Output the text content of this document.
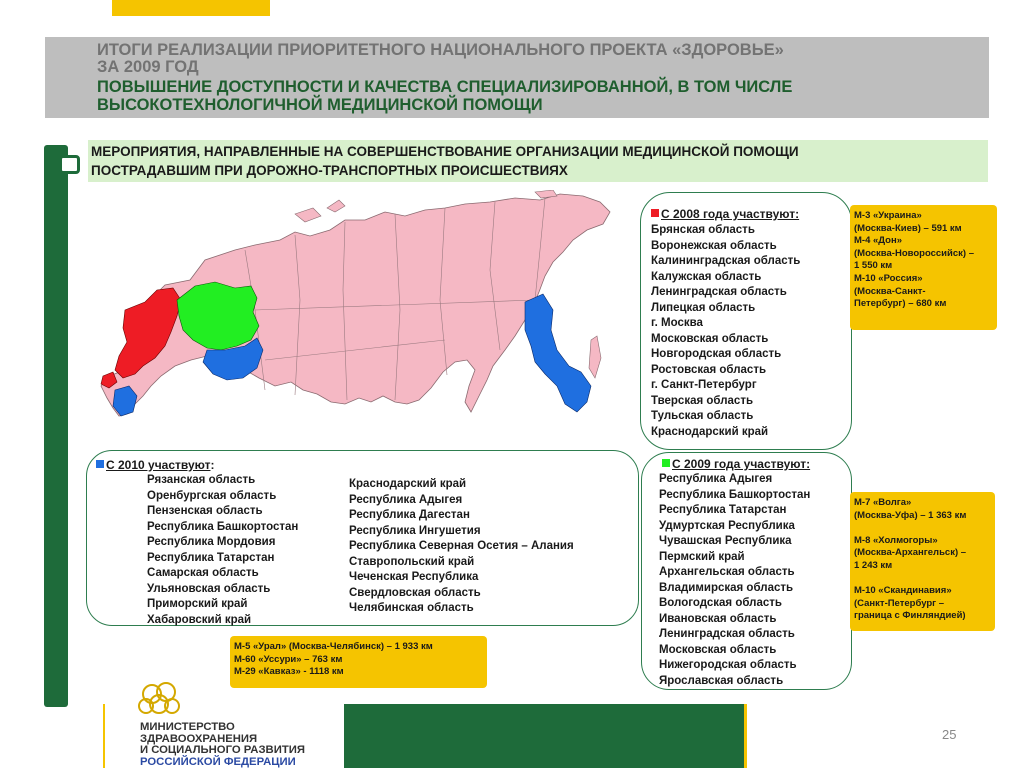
ИТОГИ РЕАЛИЗАЦИИ ПРИОРИТЕТНОГО НАЦИОНАЛЬНОГО ПРОЕКТА «ЗДОРОВЬЕ»
ЗА 2009 ГОД
ПОВЫШЕНИЕ ДОСТУПНОСТИ И КАЧЕСТВА СПЕЦИАЛИЗИРОВАННОЙ, В ТОМ ЧИСЛЕ
ВЫСОКОТЕХНОЛОГИЧНОЙ МЕДИЦИНСКОЙ ПОМОЩИ
МЕРОПРИЯТИЯ, НАПРАВЛЕННЫЕ НА СОВЕРШЕНСТВОВАНИЕ ОРГАНИЗАЦИИ МЕДИЦИНСКОЙ ПОМОЩИ
ПОСТРАДАВШИМ ПРИ ДОРОЖНО-ТРАНСПОРТНЫХ ПРОИСШЕСТВИЯХ
С 2008 года участвуют:
Брянская область
Воронежская область
Калининградская область
Калужская область
Ленинградская область
Липецкая область
г. Москва
Московская область
Новгородская область
Ростовская область
г. Санкт-Петербург
Тверская область
Тульская область
Краснодарский край
М-3 «Украина»
(Москва-Киев) – 591 км
М-4 «Дон»
(Москва-Новороссийск) –
1 550 км
М-10 «Россия»
(Москва-Санкт-
Петербург) – 680 км
С 2010 участвуют:
Рязанская область
Оренбургская область
Пензенская область
Республика Башкортостан
Республика Мордовия
Республика Татарстан
Самарская область
Ульяновская область
Приморский край
Хабаровский край
Краснодарский край
Республика Адыгея
Республика Дагестан
Республика Ингушетия
Республика Северная Осетия – Алания
Ставропольский край
Чеченская Республика
Свердловская область
Челябинская область
М-5 «Урал» (Москва-Челябинск) – 1 933 км
М-60 «Уссури» – 763 км
М-29 «Кавказ» - 1118 км
С 2009 года участвуют:
Республика Адыгея
Республика Башкортостан
Республика Татарстан
Удмуртская Республика
Чувашская Республика
Пермский край
Архангельская область
Владимирская область
Вологодская область
Ивановская область
Ленинградская область
Московская область
Нижегородская область
Ярославская область
М-7 «Волга»
(Москва-Уфа) – 1 363 км
М-8 «Холмогоры»
(Москва-Архангельск) –
1 243 км
М-10 «Скандинавия»
(Санкт-Петербург –
граница с Финляндией)
МИНИСТЕРСТВО
ЗДРАВООХРАНЕНИЯ
И СОЦИАЛЬНОГО РАЗВИТИЯ
РОССИЙСКОЙ ФЕДЕРАЦИИ
25
